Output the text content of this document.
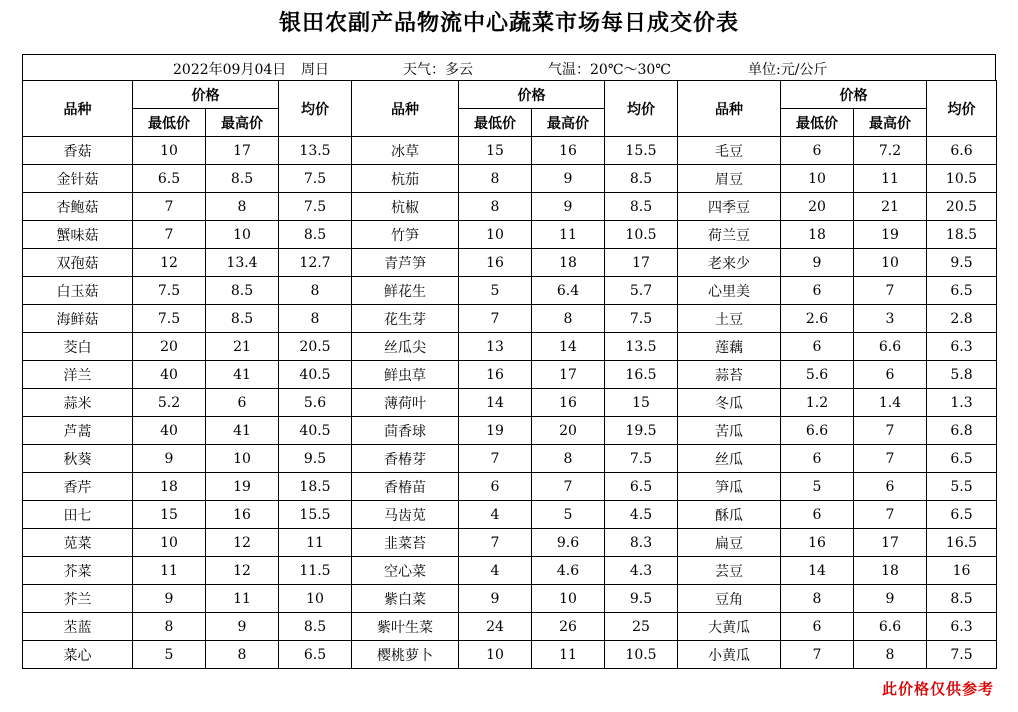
银田农副产品物流中心蔬菜市场每日成交价表
2022年09月04日 周日	天气：多云	气温：20℃～30℃	单位:元/公斤
品种	价格		均价	品种	价格		均价	品种	价格		均价
	最低价	最高价			最低价	最高价			最低价	最高价	
香菇	10	17	13.5	冰草	15	16	15.5	毛豆	6	7.2	6.6
金针菇	6.5	8.5	7.5	杭茄	8	9	8.5	眉豆	10	11	10.5
杏鲍菇	7	8	7.5	杭椒	8	9	8.5	四季豆	20	21	20.5
蟹味菇	7	10	8.5	竹笋	10	11	10.5	荷兰豆	18	19	18.5
双孢菇	12	13.4	12.7	青芦笋	16	18	17	老来少	9	10	9.5
白玉菇	7.5	8.5	8	鲜花生	5	6.4	5.7	心里美	6	7	6.5
海鲜菇	7.5	8.5	8	花生芽	7	8	7.5	土豆	2.6	3	2.8
茭白	20	21	20.5	丝瓜尖	13	14	13.5	莲藕	6	6.6	6.3
洋兰	40	41	40.5	鲜虫草	16	17	16.5	蒜苔	5.6	6	5.8
蒜米	5.2	6	5.6	薄荷叶	14	16	15	冬瓜	1.2	1.4	1.3
芦蒿	40	41	40.5	茴香球	19	20	19.5	苦瓜	6.6	7	6.8
秋葵	9	10	9.5	香椿芽	7	8	7.5	丝瓜	6	7	6.5
香芹	18	19	18.5	香椿苗	6	7	6.5	笋瓜	5	6	5.5
田七	15	16	15.5	马齿苋	4	5	4.5	酥瓜	6	7	6.5
苋菜	10	12	11	韭菜苔	7	9.6	8.3	扁豆	16	17	16.5
芥菜	11	12	11.5	空心菜	4	4.6	4.3	芸豆	14	18	16
芥兰	9	11	10	紫白菜	9	10	9.5	豆角	8	9	8.5
苤蓝	8	9	8.5	紫叶生菜	24	26	25	大黄瓜	6	6.6	6.3
菜心	5	8	6.5	樱桃萝卜	10	11	10.5	小黄瓜	7	8	7.5
此价格仅供参考
